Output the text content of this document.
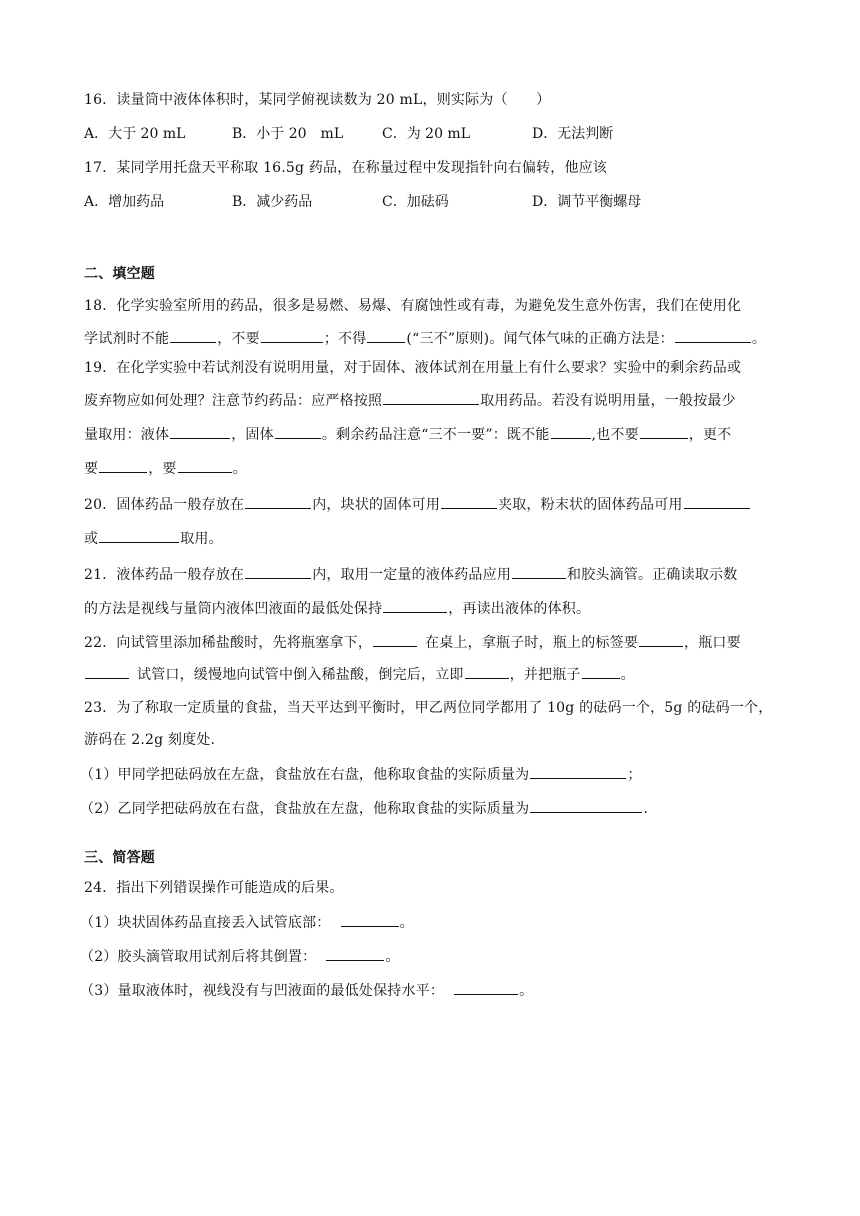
16．读量筒中液体体积时，某同学俯视读数为 20 mL，则实际为（　　）
A．大于 20 mL	B．小于 20　mL	C．为 20 mL	D．无法判断
17．某同学用托盘天平称取 16.5g 药品，在称量过程中发现指针向右偏转，他应该
A．增加药品	B．减少药品	C．加砝码	D．调节平衡螺母
二、填空题
18．化学实验室所用的药品，很多是易燃、易爆、有腐蚀性或有毒，为避免发生意外伤害，我们在使用化
学试剂时不能	，不要	；不得	(“三不”原则)。闻气体气味的正确方法是：	。
19．在化学实验中若试剂没有说明用量，对于固体、液体试剂在用量上有什么要求？实验中的剩余药品或
废弃物应如何处理？注意节约药品：应严格按照	取用药品。若没有说明用量，一般按最少
量取用：液体	，固体	。剩余药品注意“三不一要”：既不能	,也不要	，更不
要	，要	。
20．固体药品一般存放在	内，块状的固体可用	夹取，粉末状的固体药品可用
或	取用。
21．液体药品一般存放在	内，取用一定量的液体药品应用	和胶头滴管。正确读取示数
的方法是视线与量筒内液体凹液面的最低处保持	，再读出液体的体积。
22．向试管里添加稀盐酸时，先将瓶塞拿下，	在桌上，拿瓶子时，瓶上的标签要	，瓶口要
试管口，缓慢地向试管中倒入稀盐酸，倒完后，立即	，并把瓶子	。
23．为了称取一定质量的食盐，当天平达到平衡时，甲乙两位同学都用了 10g 的砝码一个，5g 的砝码一个，
游码在 2.2g 刻度处.
（1）甲同学把砝码放在左盘，食盐放在右盘，他称取食盐的实际质量为	；
（2）乙同学把砝码放在右盘，食盐放在左盘，他称取食盐的实际质量为	.
三、简答题
24．指出下列错误操作可能造成的后果。
（1）块状固体药品直接丢入试管底部：	。
（2）胶头滴管取用试剂后将其倒置：	。
（3）量取液体时，视线没有与凹液面的最低处保持水平：	。
